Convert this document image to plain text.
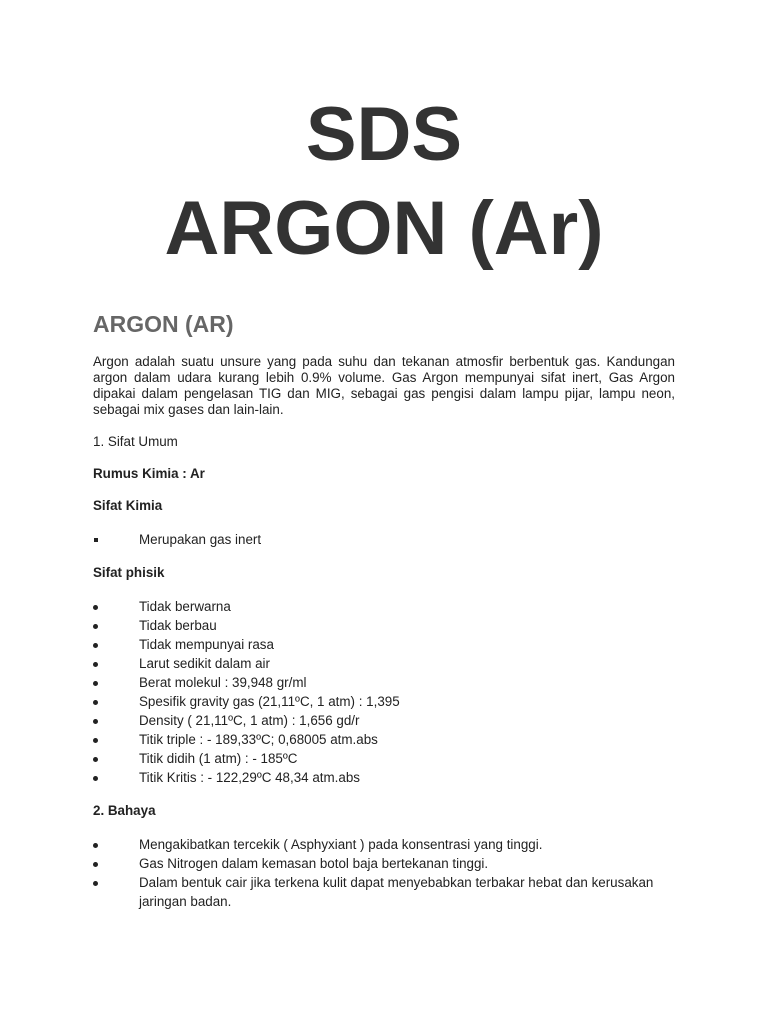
SDS
ARGON (Ar)
ARGON (AR)

Argon adalah suatu unsure yang pada suhu dan tekanan atmosfir berbentuk gas. Kandungan argon dalam udara kurang lebih 0.9% volume. Gas Argon mempunyai sifat inert, Gas Argon dipakai dalam pengelasan TIG dan MIG, sebagai gas pengisi dalam lampu pijar, lampu neon, sebagai mix gases dan lain-lain.

1. Sifat Umum

Rumus Kimia : Ar

Sifat Kimia

Merupakan gas inert

Sifat phisik

Tidak berwarna
Tidak berbau
Tidak mempunyai rasa
Larut sedikit dalam air
Berat molekul : 39,948 gr/ml
Spesifik gravity gas (21,11ºC, 1 atm) : 1,395
Density ( 21,11ºC, 1 atm) : 1,656 gd/r
Titik triple : - 189,33ºC; 0,68005 atm.abs
Titik didih (1 atm) : - 185ºC
Titik Kritis : - 122,29ºC 48,34 atm.abs

2. Bahaya

Mengakibatkan tercekik ( Asphyxiant ) pada konsentrasi yang tinggi.
Gas Nitrogen dalam kemasan botol baja bertekanan tinggi.
Dalam bentuk cair jika terkena kulit dapat menyebabkan terbakar hebat dan kerusakan jaringan badan.
